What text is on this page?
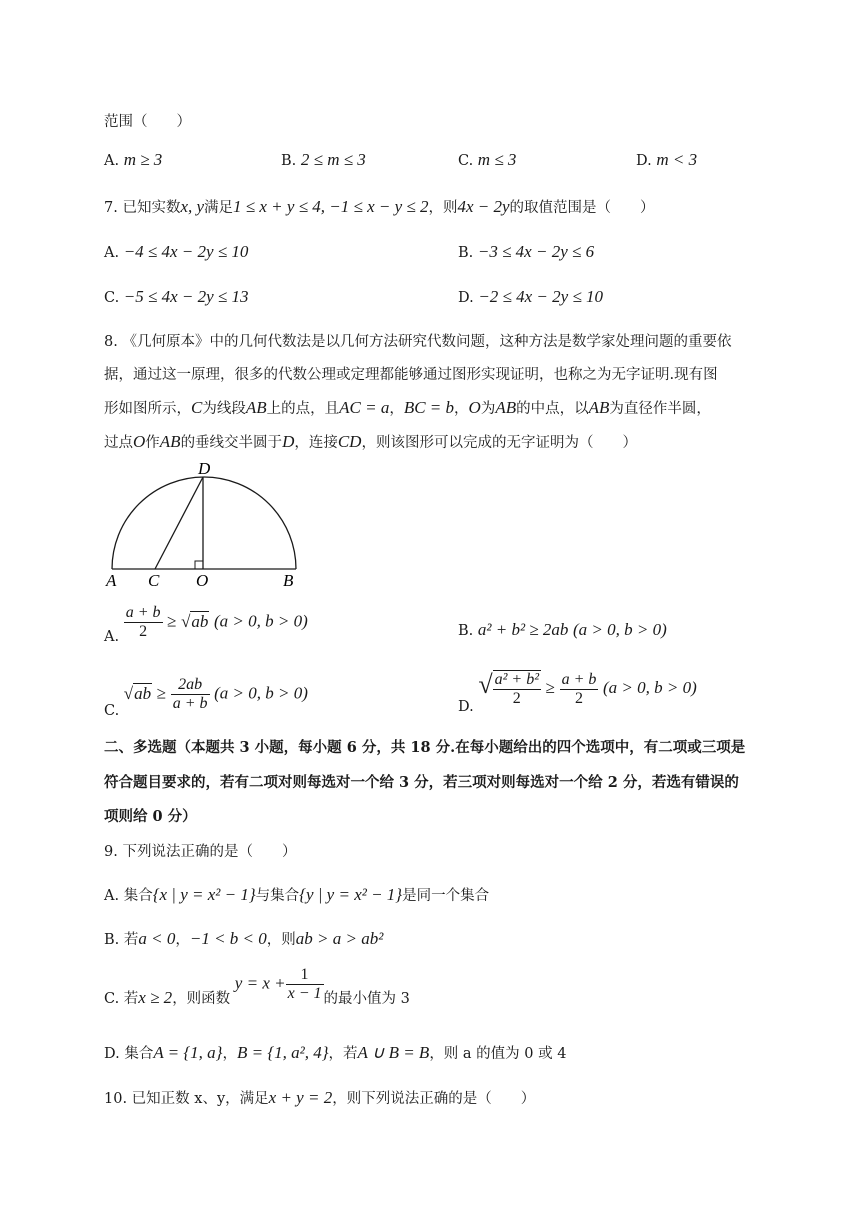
范围（　　）
A. m ≥ 3	B. 2 ≤ m ≤ 3	C. m ≤ 3	D. m < 3
7. 已知实数x, y满足1 ≤ x + y ≤ 4, −1 ≤ x − y ≤ 2，则4x − 2y的取值范围是（　　）
A. −4 ≤ 4x − 2y ≤ 10	B. −3 ≤ 4x − 2y ≤ 6
C. −5 ≤ 4x − 2y ≤ 13	D. −2 ≤ 4x − 2y ≤ 10
8. 《几何原本》中的几何代数法是以几何方法研究代数问题，这种方法是数学家处理问题的重要依
据，通过这一原理，很多的代数公理或定理都能够通过图形实现证明，也称之为无字证明.现有图
形如图所示，C为线段AB上的点，且AC = a，BC = b，O为AB的中点，以AB为直径作半圆，
过点O作AB的垂线交半圆于D，连接CD，则该图形可以完成的无字证明为（　　）
D
A C O	B
A. $\frac{a + b}{2} \ge √ab$ (a > 0, b > 0)
B. a² + b² ≥ 2ab (a > 0, b > 0)
C. $√ab \ge \frac{2ab}{a + b} (a > 0$, b > 0)
D. √ $\frac{\text{a² + b²}}{2} \ge \frac{a + b}{2} (a > 0$, b > 0)
二、多选题（本题共 3 小题，每小题 6 分，共 18 分.在每小题给出的四个选项中，有二项或三项是
符合题目要求的，若有二项对则每选对一个给 3 分，若三项对则每选对一个给 2 分，若选有错误的
项则给 0 分）
9. 下列说法正确的是（　　）
A. 集合{x | y = x² − 1}与集合{y | y = x² − 1}是同一个集合
B. 若a < 0，−1 < b < 0，则ab > a > ab²
C. 若x ≥ 2，则函数 $y = x + \frac{1}{x - 1}$ 的最小值为 3
D. 集合A = {1, a}，B = {1, a², 4}，若A ∪ B = B，则 a 的值为 0 或 4
10. 已知正数 x、y，满足x + y = 2，则下列说法正确的是（　　）
